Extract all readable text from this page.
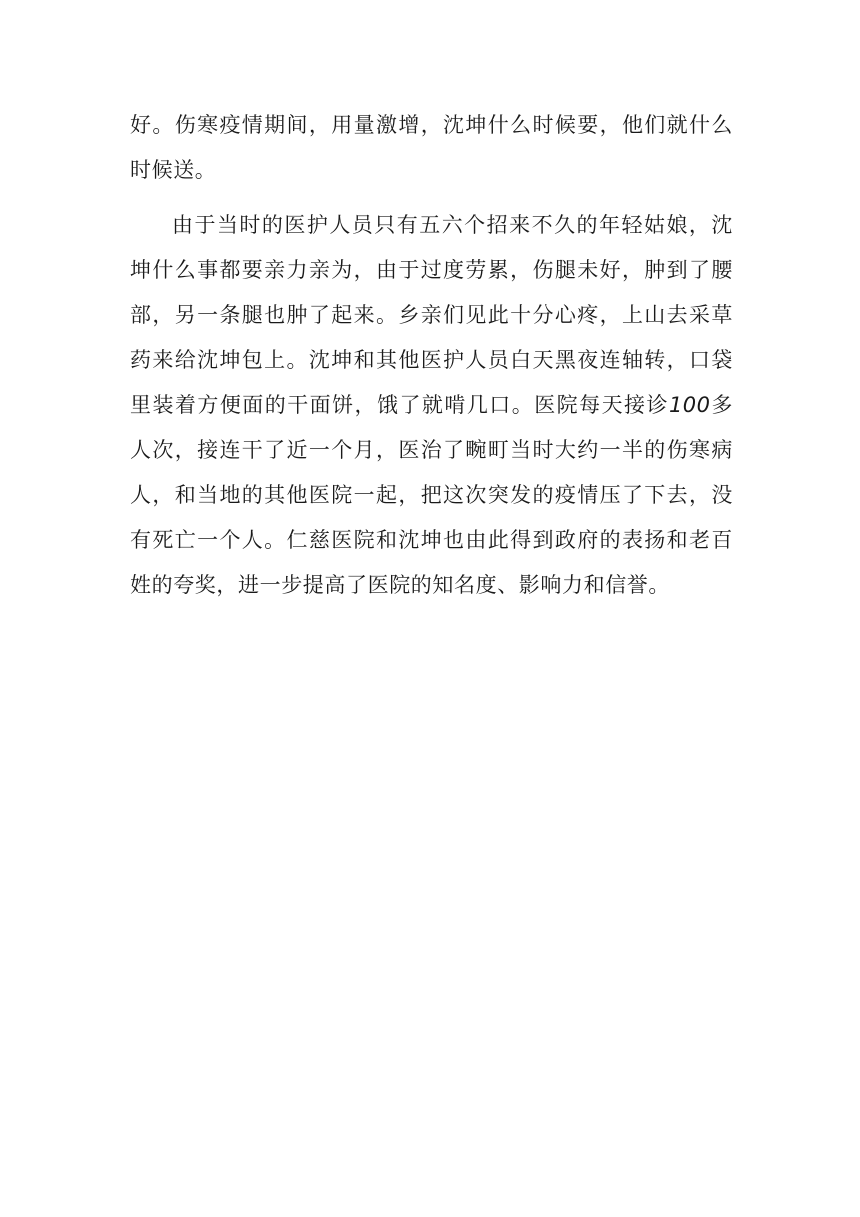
好。伤寒疫情期间，用量激增，沈坤什么时候要，他们就什么时候送。

由于当时的医护人员只有五六个招来不久的年轻姑娘，沈坤什么事都要亲力亲为，由于过度劳累，伤腿未好，肿到了腰部，另一条腿也肿了起来。乡亲们见此十分心疼，上山去采草药来给沈坤包上。沈坤和其他医护人员白天黑夜连轴转，口袋里装着方便面的干面饼，饿了就啃几口。医院每天接诊100多人次，接连干了近一个月，医治了畹町当时大约一半的伤寒病人，和当地的其他医院一起，把这次突发的疫情压了下去，没有死亡一个人。仁慈医院和沈坤也由此得到政府的表扬和老百姓的夸奖，进一步提高了医院的知名度、影响力和信誉。
